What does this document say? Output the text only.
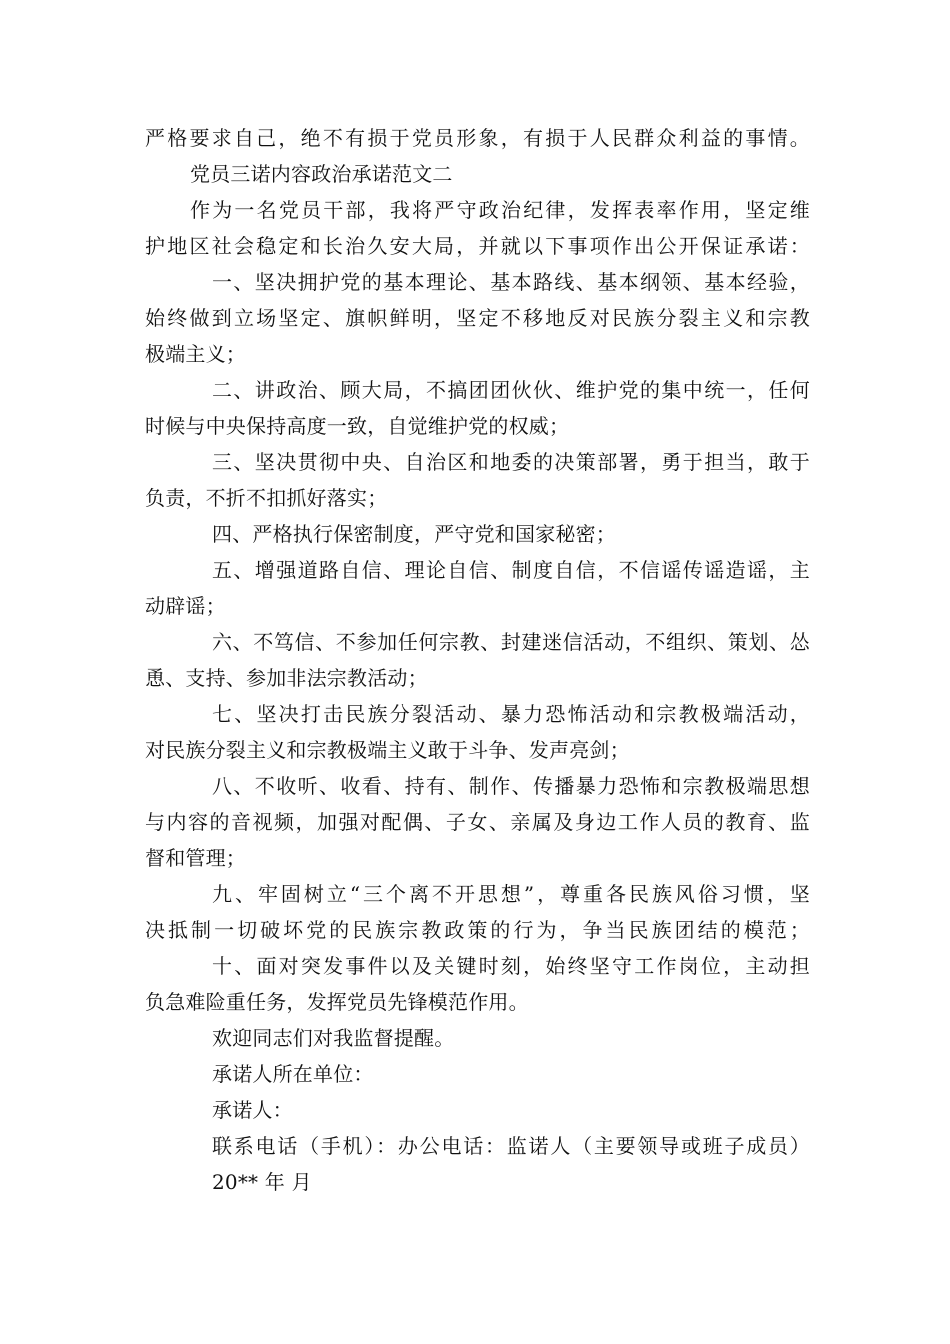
严格要求自己，绝不有损于党员形象，有损于人民群众利益的事情。
党员三诺内容政治承诺范文二
作为一名党员干部，我将严守政治纪律，发挥表率作用，坚定维
护地区社会稳定和长治久安大局，并就以下事项作出公开保证承诺：
一、坚决拥护党的基本理论、基本路线、基本纲领、基本经验，
始终做到立场坚定、旗帜鲜明，坚定不移地反对民族分裂主义和宗教
极端主义；
二、讲政治、顾大局，不搞团团伙伙、维护党的集中统一，任何
时候与中央保持高度一致，自觉维护党的权威；
三、坚决贯彻中央、自治区和地委的决策部署，勇于担当，敢于
负责，不折不扣抓好落实；
四、严格执行保密制度，严守党和国家秘密；
五、增强道路自信、理论自信、制度自信，不信谣传谣造谣，主
动辟谣；
六、不笃信、不参加任何宗教、封建迷信活动，不组织、策划、怂
恿、支持、参加非法宗教活动；
七、坚决打击民族分裂活动、暴力恐怖活动和宗教极端活动，
对民族分裂主义和宗教极端主义敢于斗争、发声亮剑；
八、不收听、收看、持有、制作、传播暴力恐怖和宗教极端思想
与内容的音视频，加强对配偶、子女、亲属及身边工作人员的教育、监
督和管理；
九、牢固树立“三个离不开思想”，尊重各民族风俗习惯，坚
决抵制一切破坏党的民族宗教政策的行为，争当民族团结的模范；
十、面对突发事件以及关键时刻，始终坚守工作岗位，主动担
负急难险重任务，发挥党员先锋模范作用。
欢迎同志们对我监督提醒。
承诺人所在单位：
承诺人：
联系电话（手机）：办公电话：监诺人（主要领导或班子成员）
20** 年 月
